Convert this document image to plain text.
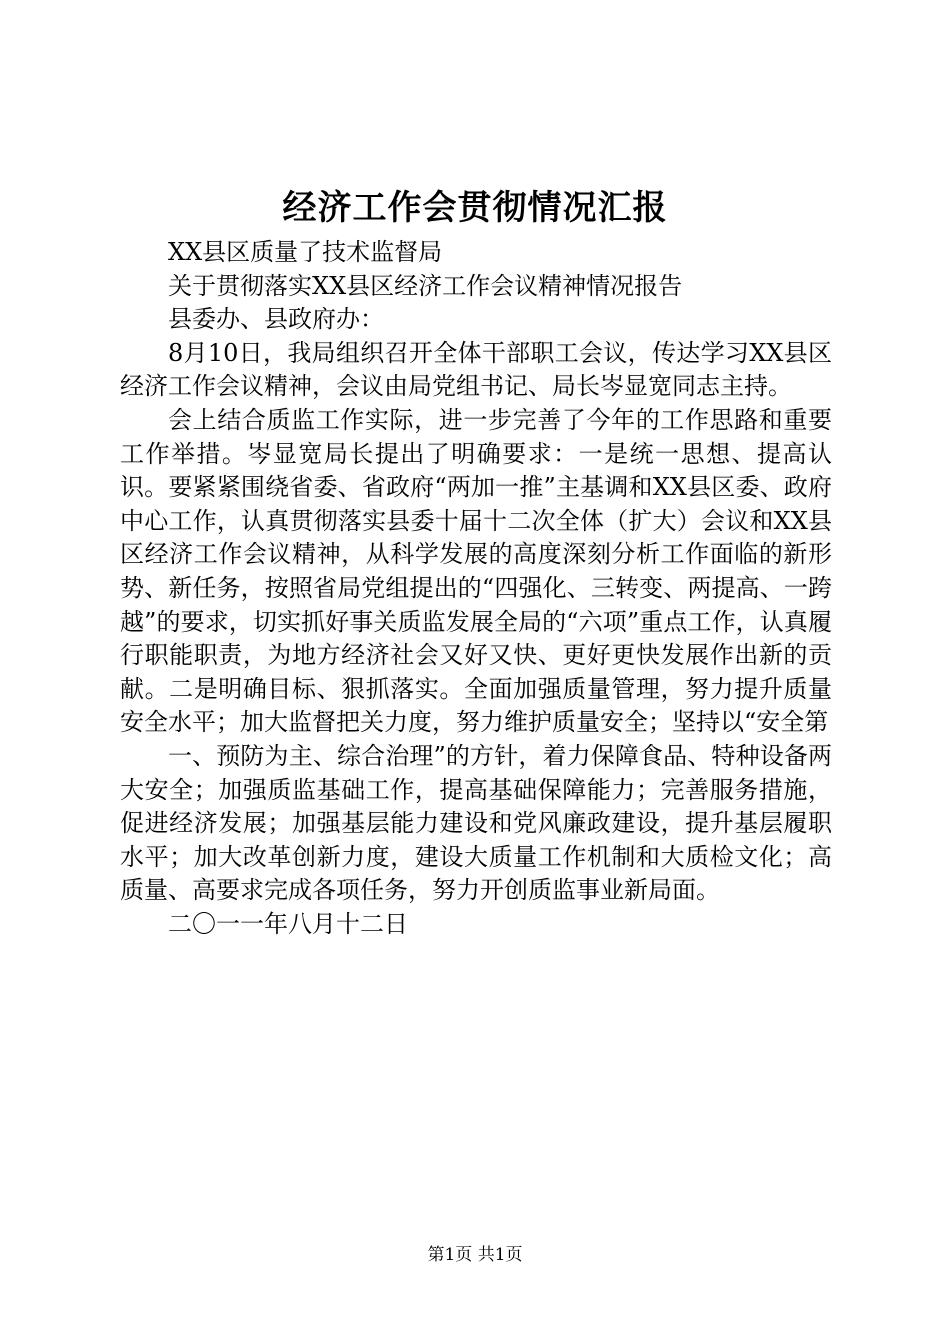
经济工作会贯彻情况汇报

XX县区质量了技术监督局

关于贯彻落实XX县区经济工作会议精神情况报告

县委办、县政府办：

8月10日，我局组织召开全体干部职工会议，传达学习XX县区经济工作会议精神，会议由局党组书记、局长岑显宽同志主持。

会上结合质监工作实际，进一步完善了今年的工作思路和重要工作举措。岑显宽局长提出了明确要求：一是统一思想、提高认识。要紧紧围绕省委、省政府“两加一推”主基调和XX县区委、政府中心工作，认真贯彻落实县委十届十二次全体（扩大）会议和XX县区经济工作会议精神，从科学发展的高度深刻分析工作面临的新形势、新任务，按照省局党组提出的“四强化、三转变、两提高、一跨越”的要求，切实抓好事关质监发展全局的“六项”重点工作，认真履行职能职责，为地方经济社会又好又快、更好更快发展作出新的贡献。二是明确目标、狠抓落实。全面加强质量管理，努力提升质量安全水平；加大监督把关力度，努力维护质量安全；坚持以“安全第

一、预防为主、综合治理”的方针，着力保障食品、特种设备两大安全；加强质监基础工作，提高基础保障能力；完善服务措施，促进经济发展；加强基层能力建设和党风廉政建设，提升基层履职水平；加大改革创新力度，建设大质量工作机制和大质检文化；高质量、高要求完成各项任务，努力开创质监事业新局面。

二〇一一年八月十二日

第1页 共1页
